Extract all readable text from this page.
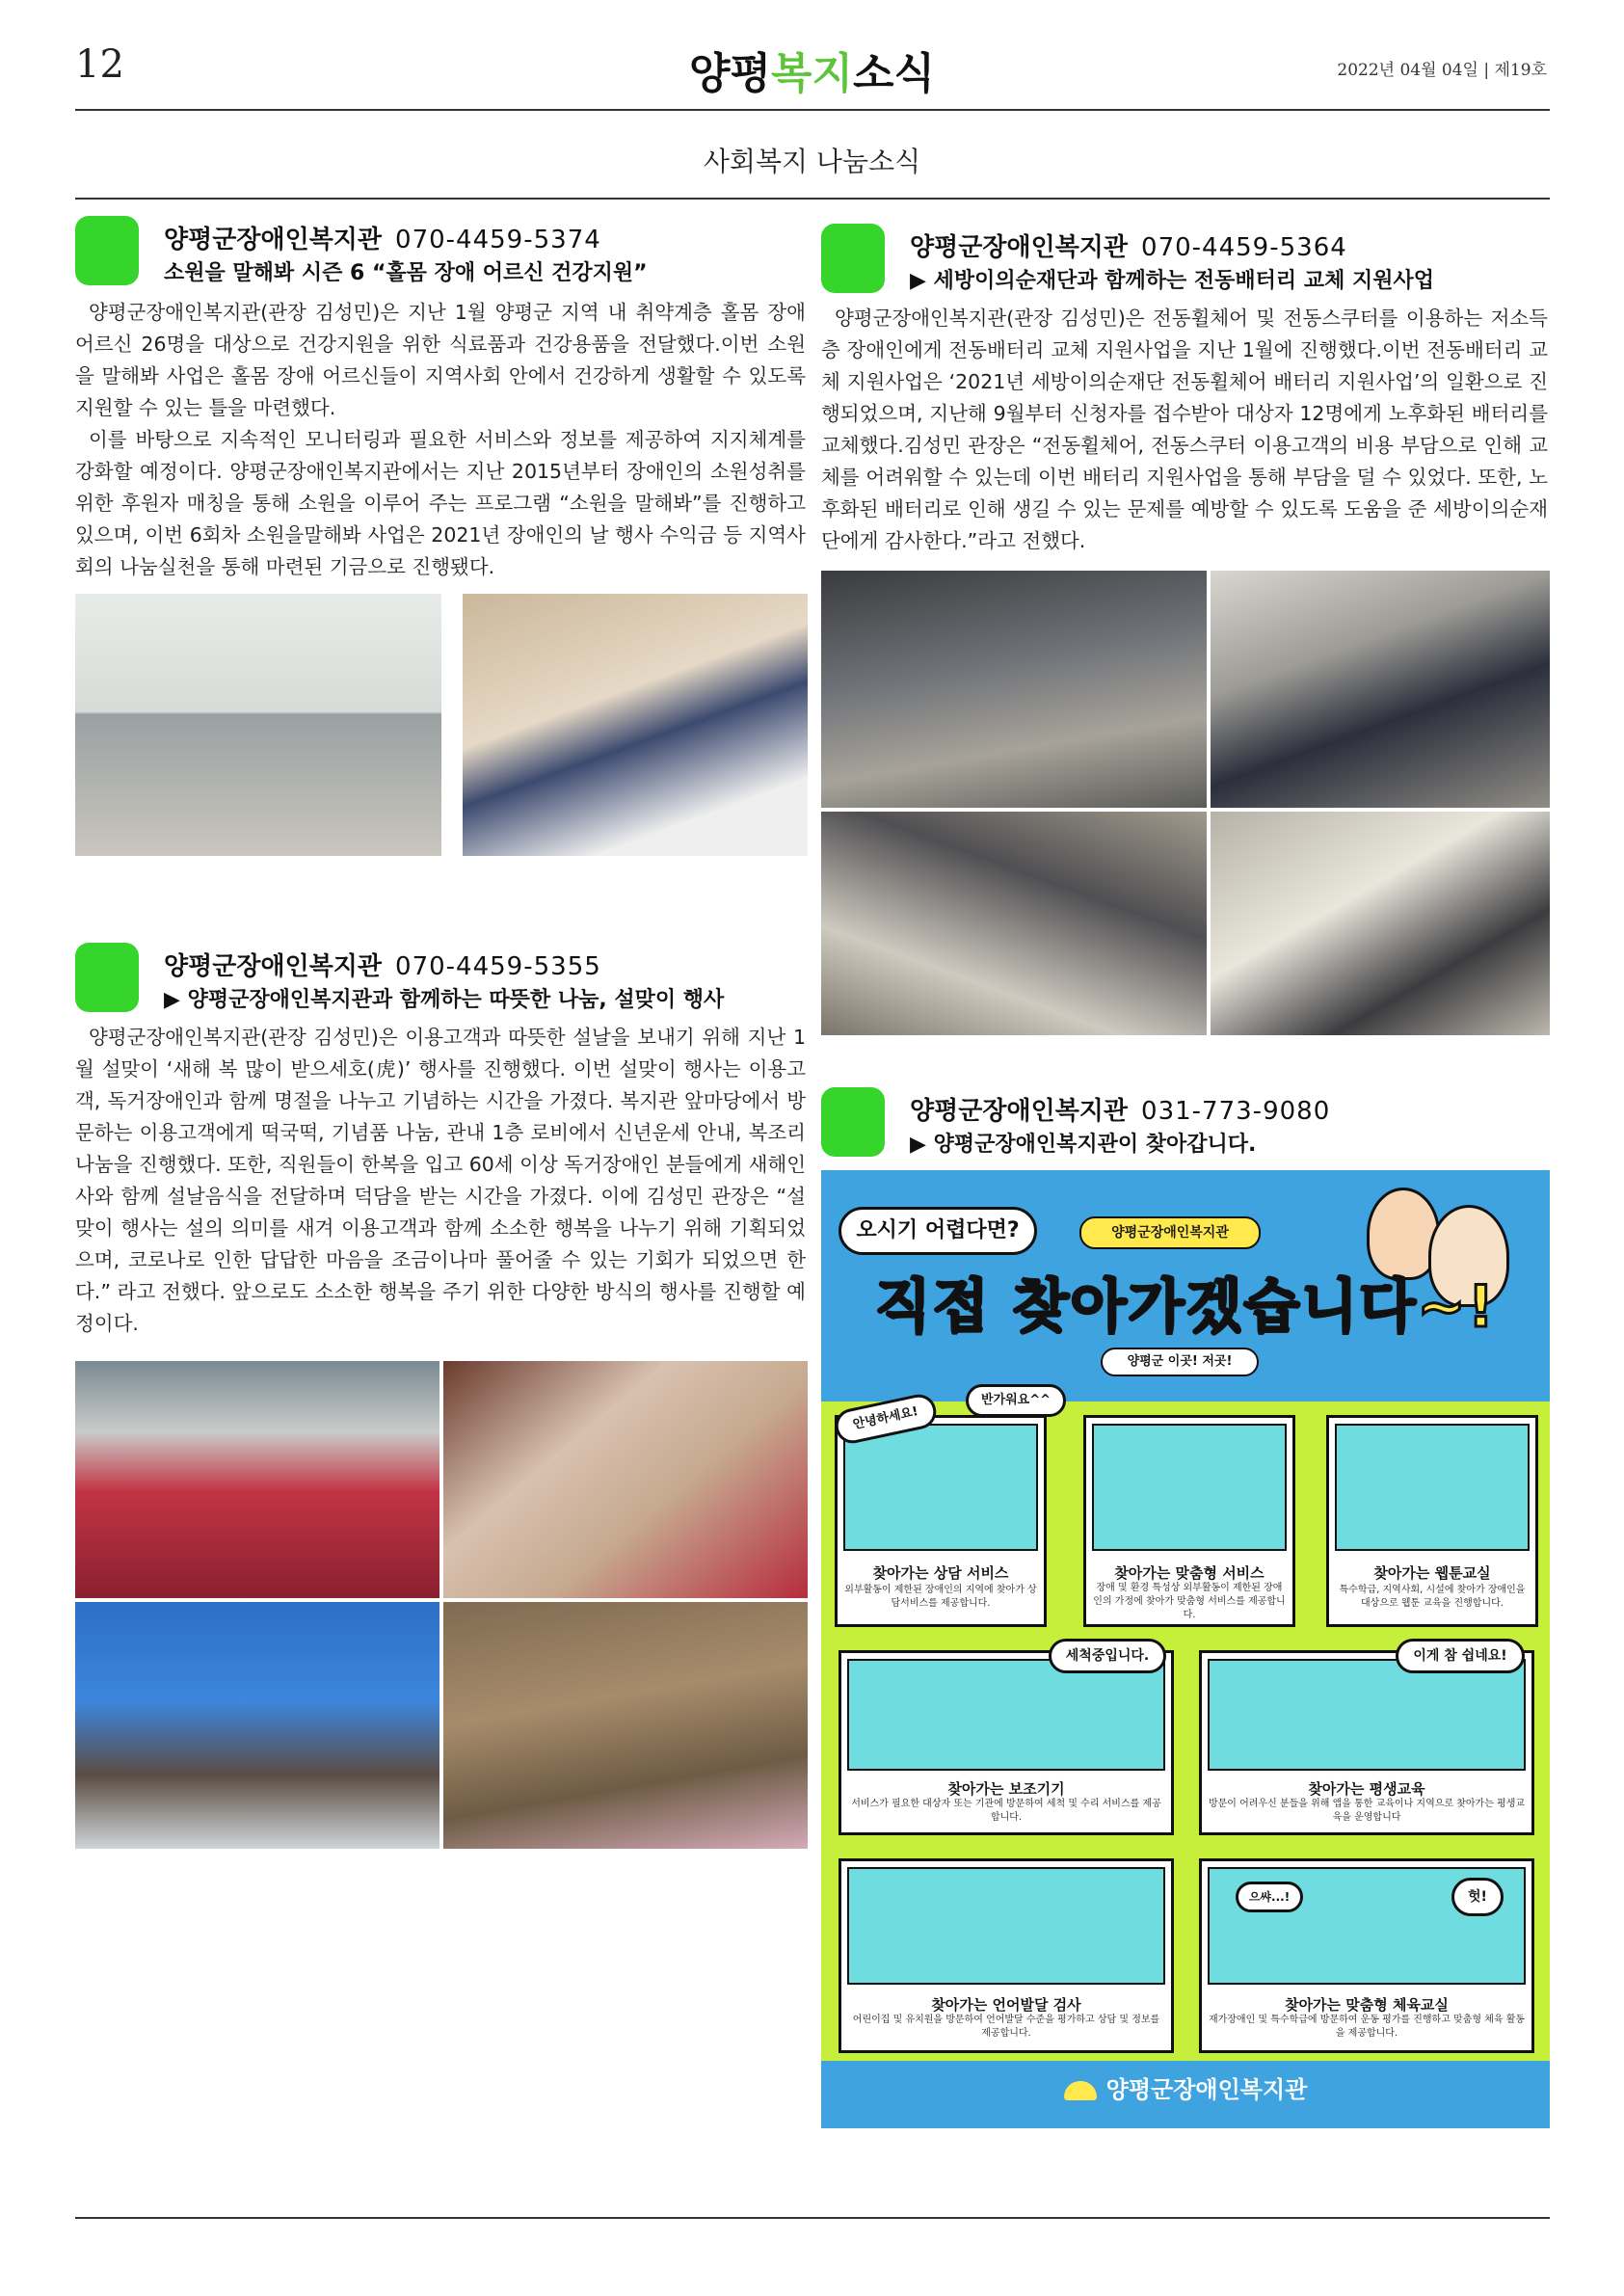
12	양평복지소식	2022년 04월 04일 | 제19호
사회복지 나눔소식
양평군장애인복지관 070-4459-5374
소원을 말해봐 시즌 6 “홀몸 장애 어르신 건강지원”

양평군장애인복지관(관장 김성민)은 지난 1월 양평군 지역 내 취약계층 홀몸 장애 어르신 26명을 대상으로 건강지원을 위한 식료품과 건강용품을 전달했다.이번 소원을 말해봐 사업은 홀몸 장애 어르신들이 지역사회 안에서 건강하게 생활할 수 있도록 지원할 수 있는 틀을 마련했다.

이를 바탕으로 지속적인 모니터링과 필요한 서비스와 정보를 제공하여 지지체계를 강화할 예정이다. 양평군장애인복지관에서는 지난 2015년부터 장애인의 소원성취를 위한 후원자 매칭을 통해 소원을 이루어 주는 프로그램 “소원을 말해봐”를 진행하고 있으며, 이번 6회차 소원을말해봐 사업은 2021년 장애인의 날 행사 수익금 등 지역사회의 나눔실천을 통해 마련된 기금으로 진행됐다.

양평군장애인복지관 070-4459-5355
▶ 양평군장애인복지관과 함께하는 따뜻한 나눔, 설맞이 행사

양평군장애인복지관(관장 김성민)은 이용고객과 따뜻한 설날을 보내기 위해 지난 1월 설맞이 ‘새해 복 많이 받으세호(虎)’ 행사를 진행했다. 이번 설맞이 행사는 이용고객, 독거장애인과 함께 명절을 나누고 기념하는 시간을 가졌다. 복지관 앞마당에서 방문하는 이용고객에게 떡국떡, 기념품 나눔, 관내 1층 로비에서 신년운세 안내, 복조리 나눔을 진행했다. 또한, 직원들이 한복을 입고 60세 이상 독거장애인 분들에게 새해인사와 함께 설날음식을 전달하며 덕담을 받는 시간을 가졌다. 이에 김성민 관장은 “설맞이 행사는 설의 의미를 새겨 이용고객과 함께 소소한 행복을 나누기 위해 기획되었으며, 코로나로 인한 답답한 마음을 조금이나마 풀어줄 수 있는 기회가 되었으면 한다.” 라고 전했다. 앞으로도 소소한 행복을 주기 위한 다양한 방식의 행사를 진행할 예정이다.

양평군장애인복지관 070-4459-5364
▶ 세방이의순재단과 함께하는 전동배터리 교체 지원사업

양평군장애인복지관(관장 김성민)은 전동휠체어 및 전동스쿠터를 이용하는 저소득층 장애인에게 전동배터리 교체 지원사업을 지난 1월에 진행했다.이번 전동배터리 교체 지원사업은 ‘2021년 세방이의순재단 전동휠체어 배터리 지원사업’의 일환으로 진행되었으며, 지난해 9월부터 신청자를 접수받아 대상자 12명에게 노후화된 배터리를 교체했다.김성민 관장은 “전동휠체어, 전동스쿠터 이용고객의 비용 부담으로 인해 교체를 어려워할 수 있는데 이번 배터리 지원사업을 통해 부담을 덜 수 있었다. 또한, 노후화된 배터리로 인해 생길 수 있는 문제를 예방할 수 있도록 도움을 준 세방이의순재단에게 감사한다.”라고 전했다.

양평군장애인복지관 031-773-9080
▶ 양평군장애인복지관이 찾아갑니다.
오시기 어렵다면?	양평군장애인복지관
직접 찾아가겠습니다~!
양평군 이곳! 저곳!
찾아가는 상담 서비스
외부활동이 제한된 장애인의 지역에 찾아가 상담서비스를 제공합니다.
안녕하세요!
반가워요^^
찾아가는 맞춤형 서비스
장애 및 환경 특성상 외부활동이 제한된 장애인의 가정에 찾아가 맞춤형 서비스를 제공합니다.
찾아가는 웹툰교실
특수학급, 지역사회, 시설에 찾아가 장애인을 대상으로 웹툰 교육을 진행합니다.
찾아가는 보조기기
서비스가 필요한 대상자 또는 기관에 방문하여 세척 및 수리 서비스를 제공합니다.
세척중입니다.
찾아가는 평생교육
방문이 어려우신 분들을 위해 앱을 통한 교육이나 지역으로 찾아가는 평생교육을 운영합니다
이게 참 쉽네요!
찾아가는 언어발달 검사
어린이집 및 유치원을 방문하여 언어발달 수준을 평가하고 상담 및 정보를 제공합니다.
찾아가는 맞춤형 체육교실
재가장애인 및 특수학급에 방문하여 운동 평가를 진행하고 맞춤형 체육 활동을 제공합니다.
으쌰...!	헛!
양평군장애인복지관
